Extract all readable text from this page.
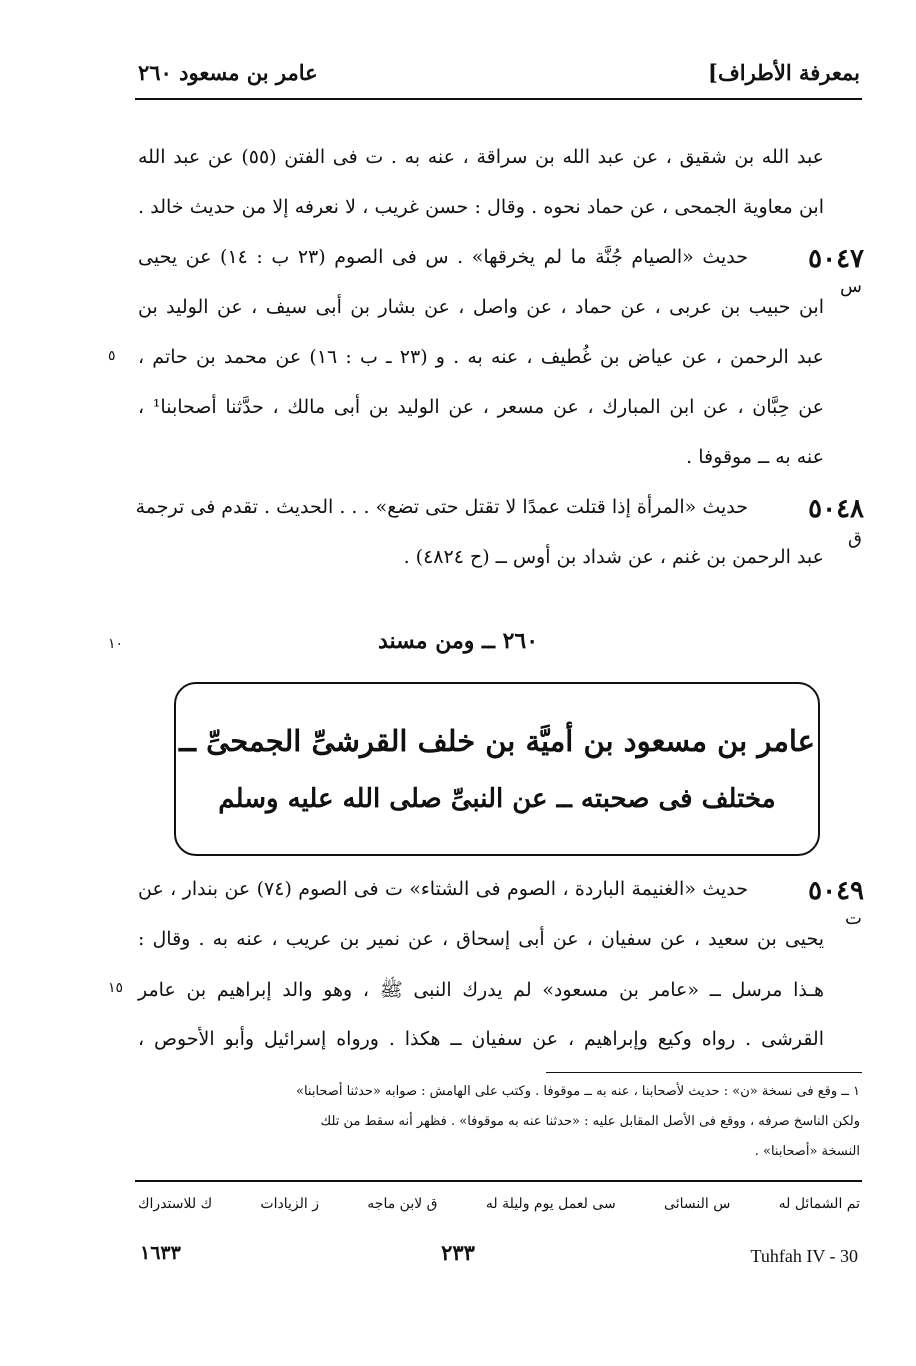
بمعرفة الأطراف]
عامر بن مسعود ٢٦٠
عبد الله بن شقيق ، عن عبد الله بن سراقة ، عنه به . ت فى الفتن (٥٥) عن عبد الله
ابن معاوية الجمحى ، عن حماد نحوه . وقال : حسن غريب ، لا نعرفه إلا من حديث خالد .
٥٠٤٧
حديث «الصيام جُنَّة ما لم يخرقها» . س فى الصوم (٢٣ ب : ١٤) عن يحيى
س
ابن حبيب بن عربى ، عن حماد ، عن واصل ، عن بشار بن أبى سيف ، عن الوليد بن
عبد الرحمن ، عن عياض بن غُطيف ، عنه به . و (٢٣ ـ ب : ١٦) عن محمد بن حاتم ،
٥
عن حِبَّان ، عن ابن المبارك ، عن مسعر ، عن الوليد بن أبى مالك ، حدَّثنا أصحابنا¹ ،
عنه به ــ موقوفا .
٥٠٤٨
حديث «المرأة إذا قتلت عمدًا لا تقتل حتى تضع» . . . الحديث . تقدم فى ترجمة
ق
عبد الرحمن بن غنم ، عن شداد بن أوس ــ (ح ٤٨٢٤) .
٢٦٠ ــ ومن مسند
١٠
عامر بن مسعود بن أميَّة بن خلف القرشىِّ الجمحىِّ ــ
مختلف فى صحبته ــ عن النبىِّ صلى الله عليه وسلم
٥٠٤٩
حديث «الغنيمة الباردة ، الصوم فى الشتاء» ت فى الصوم (٧٤) عن بندار ، عن
ت
يحيى بن سعيد ، عن سفيان ، عن أبى إسحاق ، عن نمير بن عريب ، عنه به . وقال :
هـذا مرسل ــ «عامر بن مسعود» لم يدرك النبى ﷺ ، وهو والد إبراهيم بن عامر
١٥
القرشى . رواه وكيع وإبراهيم ، عن سفيان ــ هكذا . ورواه إسرائيل وأبو الأحوص ،
١ ــ وقع فى نسخة «ن» : حديث لأصحابنا ، عنه به ــ موقوفا . وكتب على الهامش : صوابه «حدثنا أصحابنا»
ولكن الناسخ صرفه ، ووقع فى الأصل المقابل عليه : «حدثنا عنه به موقوفا» . فظهر أنه سقط من تلك
النسخة «أصحابنا» .
تم الشمائل له
س النسائى
سى لعمل يوم وليلة له
ق لابن ماجه
ز الزيادات
ك للاستدراك
١٦٣٣	٢٣٣	Tuhfah IV - 30
